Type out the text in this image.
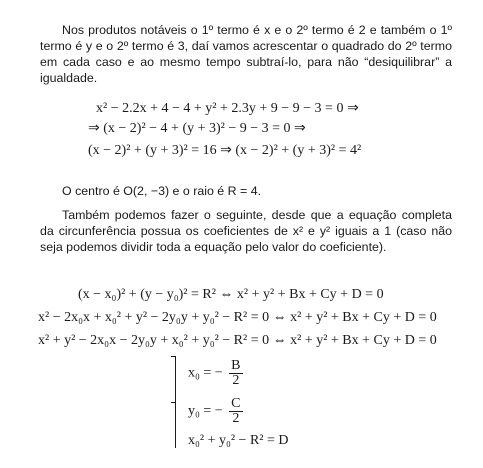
Nos produtos notáveis o 1º termo é x e o 2º termo é 2 e também o 1º termo é y e o 2º termo é 3, daí vamos acrescentar o quadrado do 2º termo em cada caso e ao mesmo tempo subtraí-lo, para não “desiquilibrar” a igualdade.

x² − 2.2x + 4 − 4 + y² + 2.3y + 9 − 9 − 3 = 0 ⇒
⇒ (x − 2)² − 4 + (y + 3)² − 9 − 3 = 0 ⇒
(x − 2)² + (y + 3)² = 16 ⇒ (x − 2)² + (y + 3)² = 4²

O centro é O(2, −3) e o raio é R = 4.

Também podemos fazer o seguinte, desde que a equação completa da circunferência possua os coeficientes de x² e y² iguais a 1 (caso não seja podemos dividir toda a equação pelo valor do coeficiente).

(x − x₀)² + (y − y₀)² = R² ⇔ x² + y² + Bx + Cy + D = 0
x² − 2x₀x + x₀² + y² − 2y₀y + y₀² − R² = 0 ⇔ x² + y² + Bx + Cy + D = 0
x² + y² − 2x₀x − 2y₀y + x₀² + y₀² − R² = 0 ⇔ x² + y² + Bx + Cy + D = 0
x₀ = − $\frac{B}{2}$
y₀ = − $\frac{C}{2}$
x₀² + y₀² − R² = D
